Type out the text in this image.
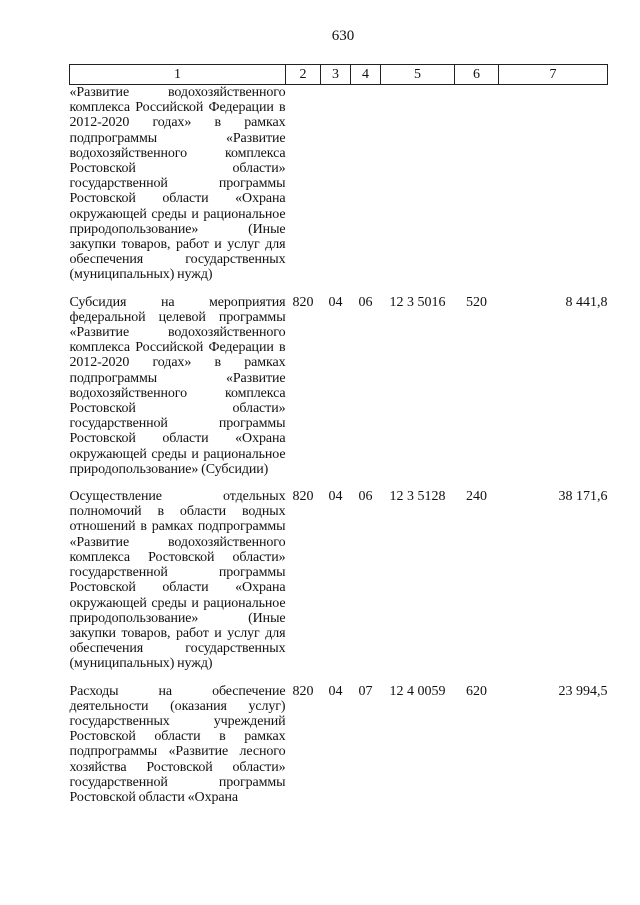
630
1	2	3	4	5	6	7
«Развитие водохозяйственного комплекса Российской Федерации в 2012-2020 годах» в рамках подпрограммы «Развитие водохозяйственного комплекса Ростовской области» государственной программы Ростовской области «Охрана окружающей среды и рациональное природопользование» (Иные закупки товаров, работ и услуг для обеспечения государственных (муниципальных) нужд)						

Субсидия на мероприятия федеральной целевой программы «Развитие водохозяйственного комплекса Российской Федерации в 2012-2020 годах» в рамках подпрограммы «Развитие водохозяйственного комплекса Ростовской области» государственной программы Ростовской области «Охрана окружающей среды и рациональное природопользование» (Субсидии)	820	04	06	12 3 5016	520	8 441,8

Осуществление отдельных полномочий в области водных отношений в рамках подпрограммы «Развитие водохозяйственного комплекса Ростовской области» государственной программы Ростовской области «Охрана окружающей среды и рациональное природопользование» (Иные закупки товаров, работ и услуг для обеспечения государственных (муниципальных) нужд)	820	04	06	12 3 5128	240	38 171,6

Расходы на обеспечение деятельности (оказания услуг) государственных учреждений Ростовской области в рамках подпрограммы «Развитие лесного хозяйства Ростовской области» государственной программы Ростовской области «Охрана	820	04	07	12 4 0059	620	23 994,5
